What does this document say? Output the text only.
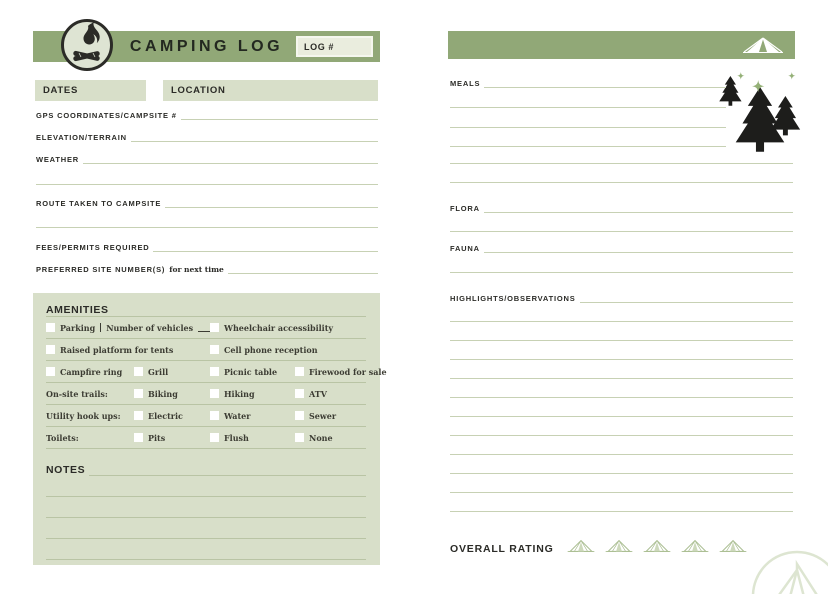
CAMPING LOG	LOG #
DATES	LOCATION
GPS COORDINATES/CAMPSITE #
ELEVATION/TERRAIN
WEATHER
ROUTE TAKEN TO CAMPSITE
FEES/PERMITS REQUIRED
PREFERRED SITE NUMBER(S) for next time
AMENITIES
Parking Number of vehicles	Wheelchair accessibility
Raised platform for tents	Cell phone reception
Campfire ring	Grill	Picnic table	Firewood for sale
On-site trails:	Biking	Hiking	ATV
Utility hook ups:	Electric	Water	Sewer
Toilets:	Pits	Flush	None
NOTES
MEALS
FLORA
FAUNA
HIGHLIGHTS/OBSERVATIONS
OVERALL RATING
